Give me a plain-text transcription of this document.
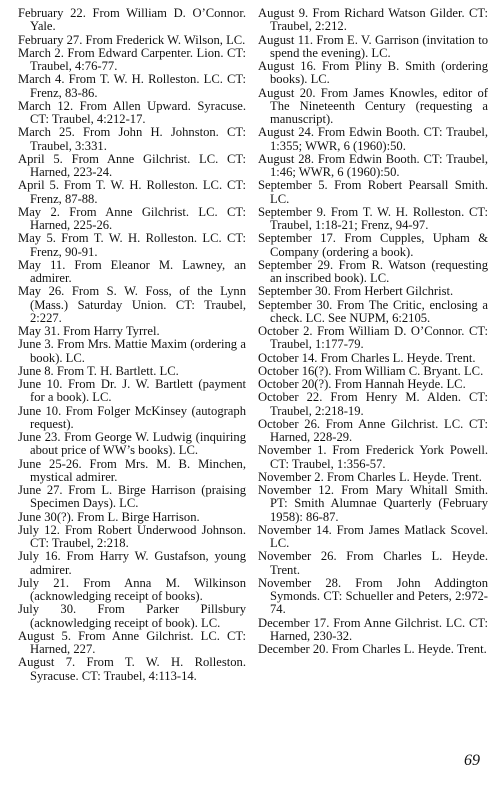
February 22. From William D. O’Connor. Yale.
February 27. From Frederick W. Wilson, LC.
March 2. From Edward Carpenter. Lion. CT: Traubel, 4:76-77.
March 4. From T. W. H. Rolleston. LC. CT: Frenz, 83-86.
March 12. From Allen Upward. Syracuse. CT: Traubel, 4:212-17.
March 25. From John H. Johnston. CT: Traubel, 3:331.
April 5. From Anne Gilchrist. LC. CT: Harned, 223-24.
April 5. From T. W. H. Rolleston. LC. CT: Frenz, 87-88.
May 2. From Anne Gilchrist. LC. CT: Harned, 225-26.
May 5. From T. W. H. Rolleston. LC. CT: Frenz, 90-91.
May 11. From Eleanor M. Lawney, an admirer.
May 26. From S. W. Foss, of the Lynn (Mass.) Saturday Union. CT: Traubel, 2:227.
May 31. From Harry Tyrrel.
June 3. From Mrs. Mattie Maxim (ordering a book). LC.
June 8. From T. H. Bartlett. LC.
June 10. From Dr. J. W. Bartlett (payment for a book). LC.
June 10. From Folger McKinsey (autograph request).
June 23. From George W. Ludwig (inquiring about price of WW’s books). LC.
June 25-26. From Mrs. M. B. Minchen, mystical admirer.
June 27. From L. Birge Harrison (praising Specimen Days). LC.
June 30(?). From L. Birge Harrison.
July 12. From Robert Underwood Johnson. CT: Traubel, 2:218.
July 16. From Harry W. Gustafson, young admirer.
July 21. From Anna M. Wilkinson (acknowledging receipt of books).
July 30. From Parker Pillsbury (acknowledging receipt of book). LC.
August 5. From Anne Gilchrist. LC. CT: Harned, 227.
August 7. From T. W. H. Rolleston. Syracuse. CT: Traubel, 4:113-14.
August 9. From Richard Watson Gilder. CT: Traubel, 2:212.
August 11. From E. V. Garrison (invitation to spend the evening). LC.
August 16. From Pliny B. Smith (ordering books). LC.
August 20. From James Knowles, editor of The Nineteenth Century (requesting a manuscript).
August 24. From Edwin Booth. CT: Traubel, 1:355; WWR, 6 (1960):50.
August 28. From Edwin Booth. CT: Traubel, 1:46; WWR, 6 (1960):50.
September 5. From Robert Pearsall Smith. LC.
September 9. From T. W. H. Rolleston. CT: Traubel, 1:18-21; Frenz, 94-97.
September 17. From Cupples, Upham & Company (ordering a book).
September 29. From R. Watson (requesting an inscribed book). LC.
September 30. From Herbert Gilchrist.
September 30. From The Critic, enclosing a check. LC. See NUPM, 6:2105.
October 2. From William D. O’Connor. CT: Traubel, 1:177-79.
October 14. From Charles L. Heyde. Trent.
October 16(?). From William C. Bryant. LC.
October 20(?). From Hannah Heyde. LC.
October 22. From Henry M. Alden. CT: Traubel, 2:218-19.
October 26. From Anne Gilchrist. LC. CT: Harned, 228-29.
November 1. From Frederick York Powell. CT: Traubel, 1:356-57.
November 2. From Charles L. Heyde. Trent.
November 12. From Mary Whitall Smith. PT: Smith Alumnae Quarterly (February 1958): 86-87.
November 14. From James Matlack Scovel. LC.
November 26. From Charles L. Heyde. Trent.
November 28. From John Addington Symonds. CT: Schueller and Peters, 2:972-74.
December 17. From Anne Gilchrist. LC. CT: Harned, 230-32.
December 20. From Charles L. Heyde. Trent.
69
